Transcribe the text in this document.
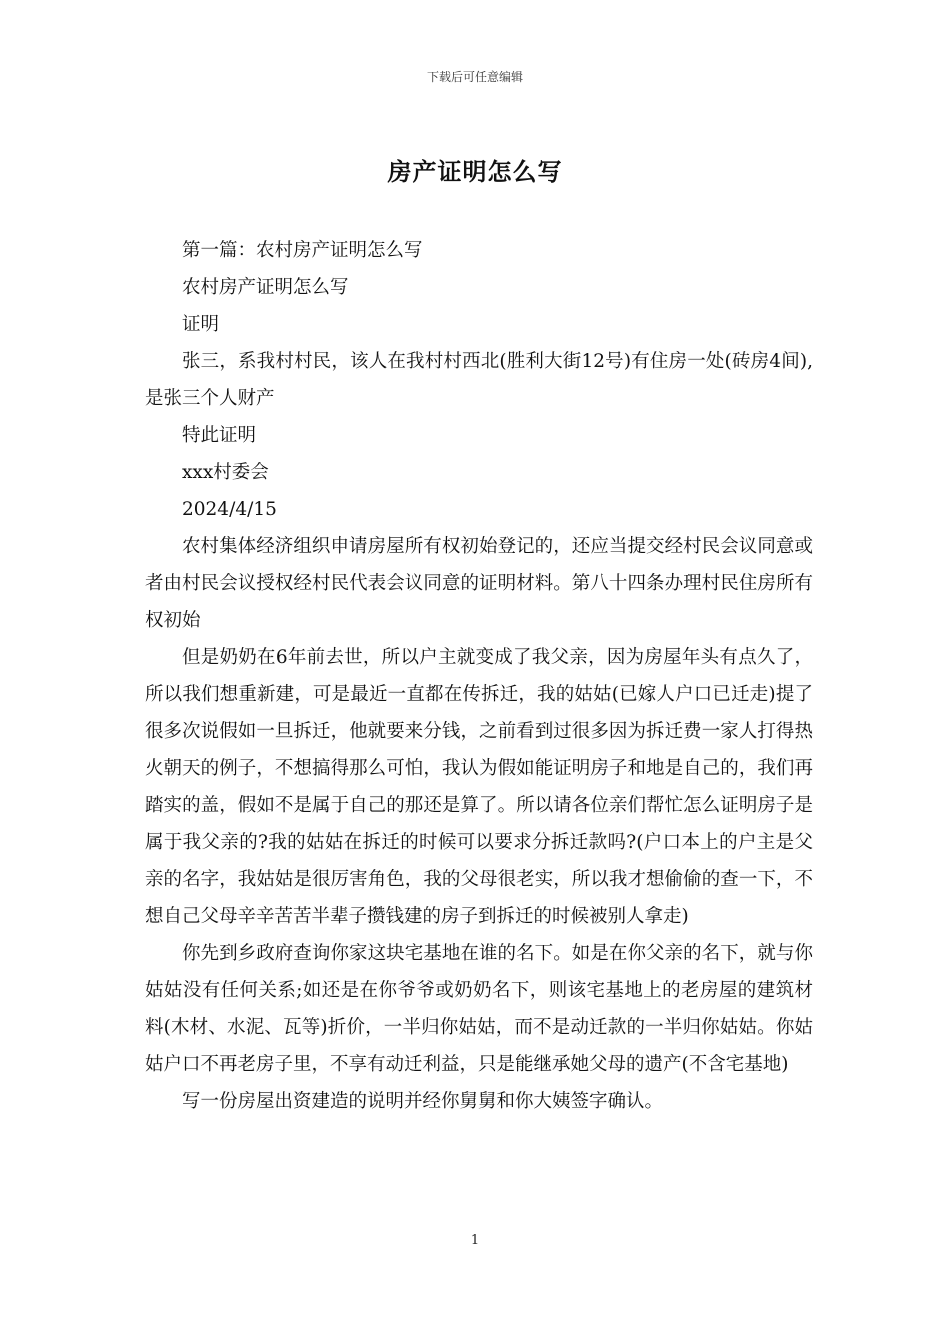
下载后可任意编辑
房产证明怎么写

第一篇：农村房产证明怎么写

农村房产证明怎么写

证明

张三，系我村村民，该人在我村村西北(胜利大街12号)有住房一处(砖房4间),是张三个人财产

特此证明

xxx村委会

2024/4/15

农村集体经济组织申请房屋所有权初始登记的，还应当提交经村民会议同意或者由村民会议授权经村民代表会议同意的证明材料。第八十四条办理村民住房所有权初始

但是奶奶在6年前去世，所以户主就变成了我父亲，因为房屋年头有点久了，所以我们想重新建，可是最近一直都在传拆迁，我的姑姑(已嫁人户口已迁走)提了很多次说假如一旦拆迁，他就要来分钱，之前看到过很多因为拆迁费一家人打得热火朝天的例子，不想搞得那么可怕，我认为假如能证明房子和地是自己的，我们再踏实的盖，假如不是属于自己的那还是算了。所以请各位亲们帮忙怎么证明房子是属于我父亲的?我的姑姑在拆迁的时候可以要求分拆迁款吗?(户口本上的户主是父亲的名字，我姑姑是很厉害角色，我的父母很老实，所以我才想偷偷的查一下，不想自己父母辛辛苦苦半辈子攒钱建的房子到拆迁的时候被别人拿走)

你先到乡政府查询你家这块宅基地在谁的名下。如是在你父亲的名下，就与你姑姑没有任何关系;如还是在你爷爷或奶奶名下，则该宅基地上的老房屋的建筑材料(木材、水泥、瓦等)折价，一半归你姑姑，而不是动迁款的一半归你姑姑。你姑姑户口不再老房子里，不享有动迁利益，只是能继承她父母的遗产(不含宅基地)

写一份房屋出资建造的说明并经你舅舅和你大姨签字确认。

1
